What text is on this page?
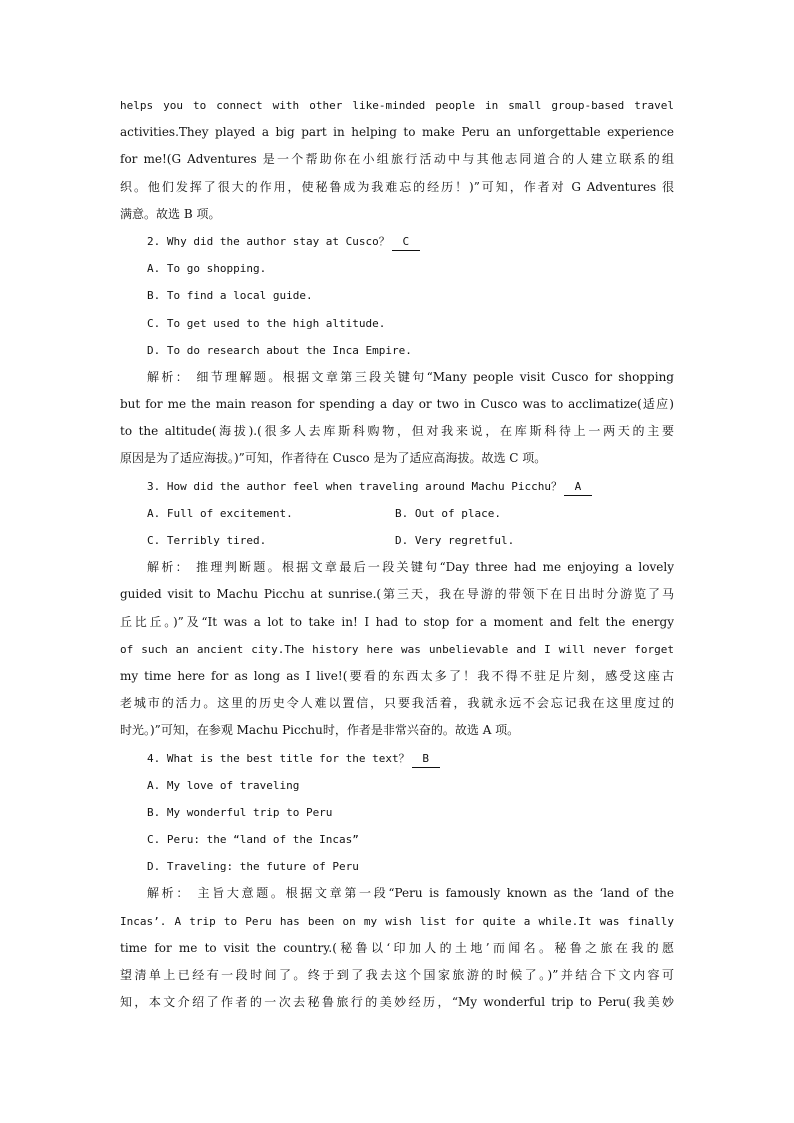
helps you to connect with other like-minded people in small group-based travel
activities.They played a big part in helping to make Peru an unforgettable experience
for me!(G Adventures 是一个帮助你在小组旅行活动中与其他志同道合的人建立联系的组
织。他们发挥了很大的作用，使秘鲁成为我难忘的经历！)”可知，作者对 G Adventures 很
满意。故选 B 项。
2. Why did the author stay at Cusco？ C
A. To go shopping.
B. To find a local guide.
C. To get used to the high altitude.
D. To do research about the Inca Empire.
解析： 细节理解题。根据文章第三段关键句“Many people visit Cusco for shopping
but for me the main reason for spending a day or two in Cusco was to acclimatize(适应)
to the altitude(海拔).(很多人去库斯科购物，但对我来说，在库斯科待上一两天的主要
原因是为了适应海拔。)”可知，作者待在 Cusco 是为了适应高海拔。故选 C 项。
3. How did the author feel when traveling around Machu Picchu？ A
A. Full of excitement.	B. Out of place.
C. Terribly tired.	D. Very regretful.
解析： 推理判断题。根据文章最后一段关键句“Day three had me enjoying a lovely
guided visit to Machu Picchu at sunrise.(第三天，我在导游的带领下在日出时分游览了马
丘比丘。)”及“It was a lot to take in! I had to stop for a moment and felt the energy
of such an ancient city.The history here was unbelievable and I will never forget
my time here for as long as I live!(要看的东西太多了！我不得不驻足片刻，感受这座古
老城市的活力。这里的历史令人难以置信，只要我活着，我就永远不会忘记我在这里度过的
时光。)”可知，在参观 Machu Picchu时，作者是非常兴奋的。故选 A 项。
4. What is the best title for the text？ B
A. My love of traveling
B. My wonderful trip to Peru
C. Peru: the “land of the Incas”
D. Traveling: the future of Peru
解析： 主旨大意题。根据文章第一段“Peru is famously known as the ‘land of the
Incas’. A trip to Peru has been on my wish list for quite a while.It was finally
time for me to visit the country.(秘鲁以‘印加人的土地’而闻名。秘鲁之旅在我的愿
望清单上已经有一段时间了。终于到了我去这个国家旅游的时候了。)”并结合下文内容可
知，本文介绍了作者的一次去秘鲁旅行的美妙经历，“My wonderful trip to Peru(我美妙
